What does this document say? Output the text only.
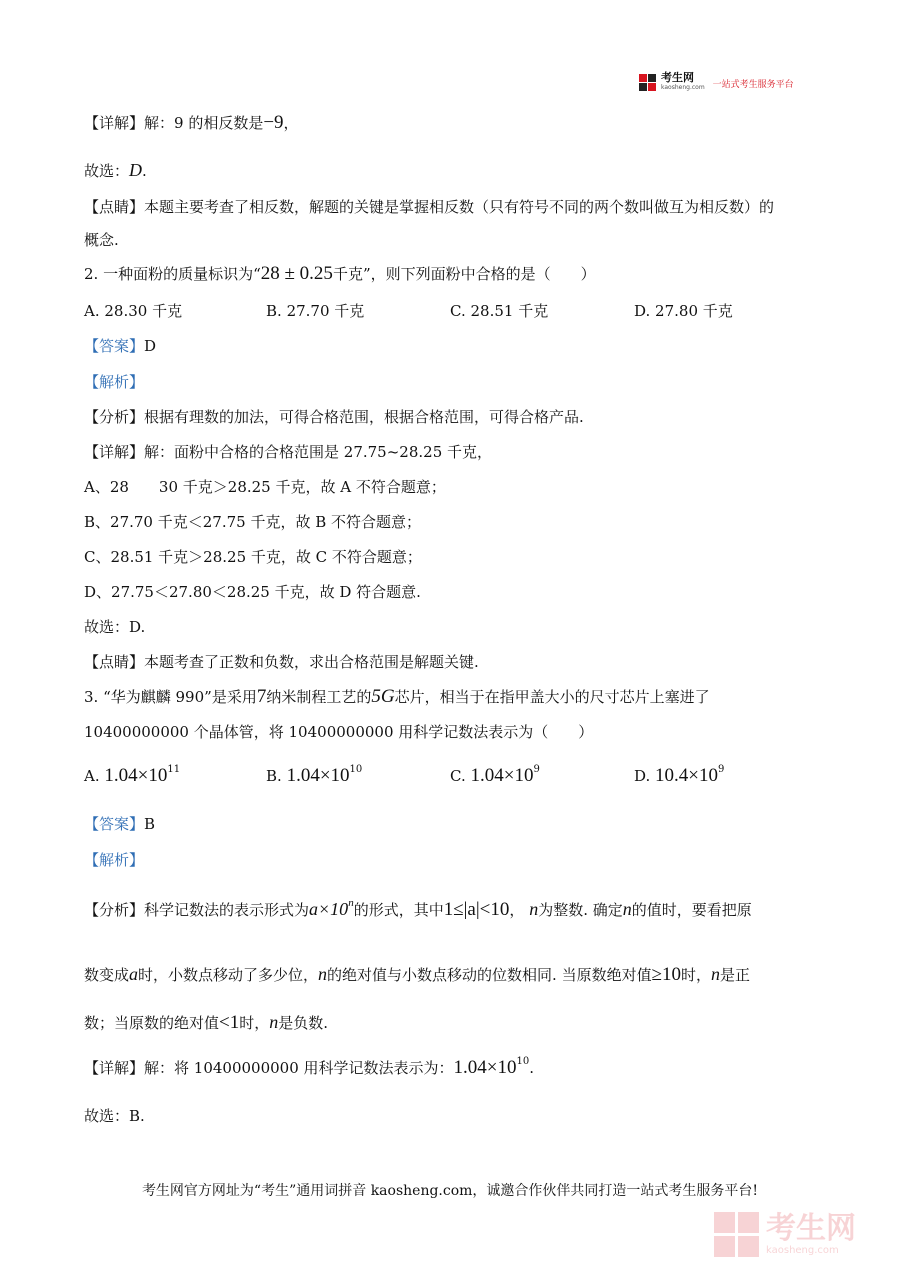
考生网
kaosheng.com 一站式考生服务平台
【详解】解：9 的相反数是−9，
故选：D.
【点睛】本题主要考查了相反数，解题的关键是掌握相反数（只有符号不同的两个数叫做互为相反数）的
概念.
2. 一种面粉的质量标识为“28 ± 0.25千克”，则下列面粉中合格的是（　　）
A. 28.30 千克	B. 27.70 千克	C. 28.51 千克	D. 27.80 千克
【答案】D
【解析】
【分析】根据有理数的加法，可得合格范围，根据合格范围，可得合格产品.
【详解】解：面粉中合格的合格范围是 27.75~28.25 千克，
A、28　　30 千克＞28.25 千克，故 A 不符合题意；
B、27.70 千克＜27.75 千克，故 B 不符合题意；
C、28.51 千克＞28.25 千克，故 C 不符合题意；
D、27.75＜27.80＜28.25 千克，故 D 符合题意.
故选：D.
【点睛】本题考查了正数和负数，求出合格范围是解题关键.
3. “华为麒麟 990”是采用7纳米制程工艺的5G芯片，相当于在指甲盖大小的尺寸芯片上塞进了
10400000000 个晶体管，将 10400000000 用科学记数法表示为（　　）
A. $1.04\times 10^{11}$	B. $1.04\times 10^{10}$	C. $1.04\times 10^9$	D. $10.4\times 10^9$
【答案】B
【解析】
【分析】科学记数法的表示形式为$a\times 10^n$的形式，其中1≤|a|<10， n为整数. 确定n的值时，要看把原
数变成a时，小数点移动了多少位，n的绝对值与小数点移动的位数相同. 当原数绝对值≥10时，n是正
数；当原数的绝对值<1时，n是负数.
【详解】解：将 10400000000 用科学记数法表示为：$1.04\times 10^{10}$.
故选：B.
考生网官方网址为“考生”通用词拼音 kaosheng.com，诚邀合作伙伴共同打造一站式考生服务平台!
考生网
kaosheng.com
